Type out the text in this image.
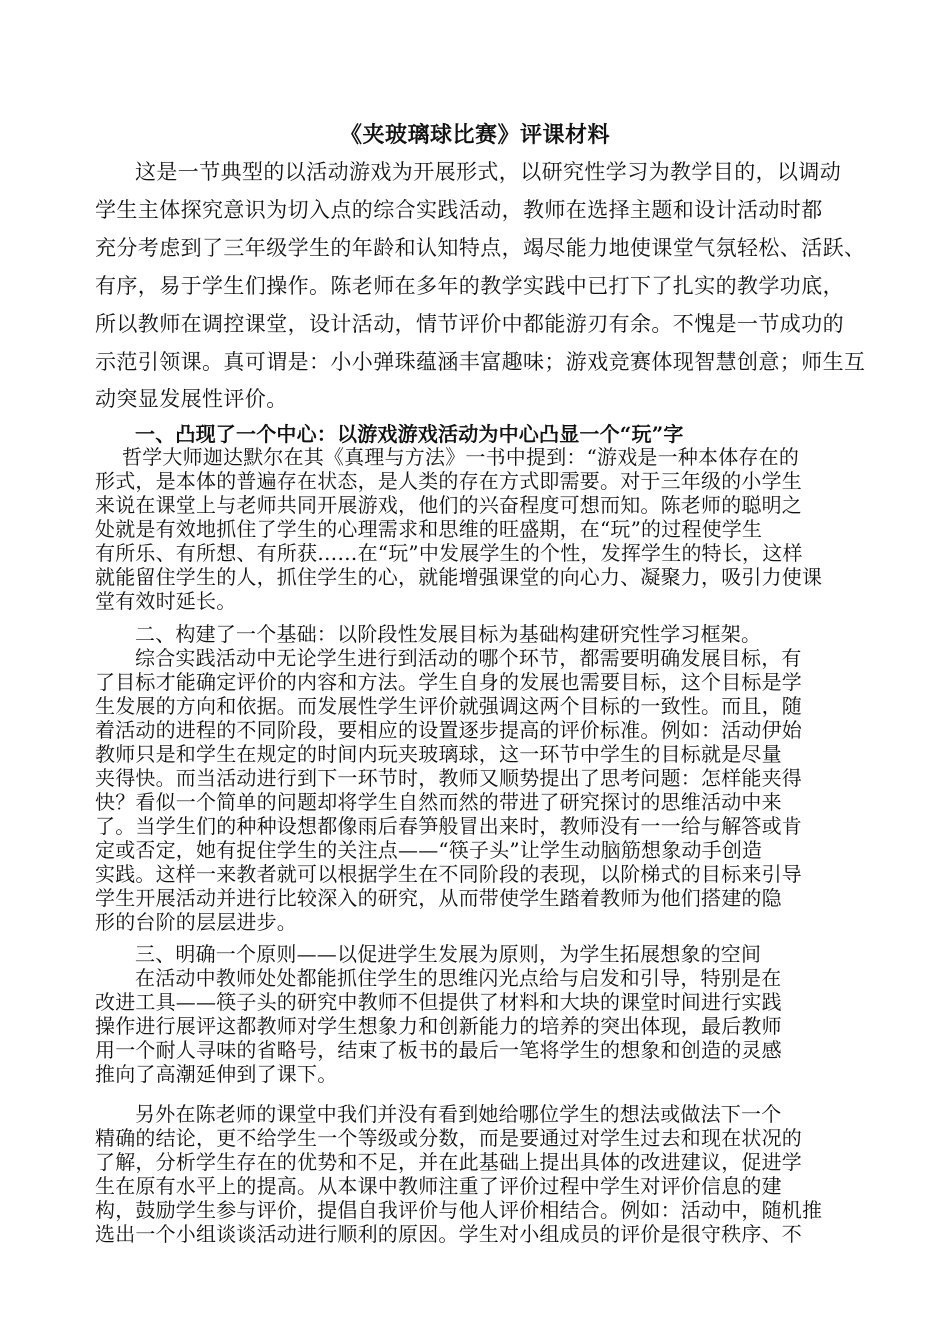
《夹玻璃球比赛》评课材料

这是一节典型的以活动游戏为开展形式，以研究性学习为教学目的，以调动

学生主体探究意识为切入点的综合实践活动，教师在选择主题和设计活动时都

充分考虑到了三年级学生的年龄和认知特点，竭尽能力地使课堂气氛轻松、活跃、

有序，易于学生们操作。陈老师在多年的教学实践中已打下了扎实的教学功底，

所以教师在调控课堂，设计活动，情节评价中都能游刃有余。不愧是一节成功的

示范引领课。真可谓是：小小弹珠蕴涵丰富趣味；游戏竞赛体现智慧创意；师生互

动突显发展性评价。

一、凸现了一个中心：以游戏游戏活动为中心凸显一个“玩”字

哲学大师迦达默尔在其《真理与方法》一书中提到：“游戏是一种本体存在的

形式，是本体的普遍存在状态，是人类的存在方式即需要。对于三年级的小学生

来说在课堂上与老师共同开展游戏，他们的兴奋程度可想而知。陈老师的聪明之

处就是有效地抓住了学生的心理需求和思维的旺盛期，在“玩”的过程使学生

有所乐、有所想、有所获……在“玩”中发展学生的个性，发挥学生的特长，这样

就能留住学生的人，抓住学生的心，就能增强课堂的向心力、凝聚力，吸引力使课

堂有效时延长。

二、构建了一个基础：以阶段性发展目标为基础构建研究性学习框架。

综合实践活动中无论学生进行到活动的哪个环节，都需要明确发展目标，有

了目标才能确定评价的内容和方法。学生自身的发展也需要目标，这个目标是学

生发展的方向和依据。而发展性学生评价就强调这两个目标的一致性。而且，随

着活动的进程的不同阶段，要相应的设置逐步提高的评价标准。例如：活动伊始

教师只是和学生在规定的时间内玩夹玻璃球，这一环节中学生的目标就是尽量

夹得快。而当活动进行到下一环节时，教师又顺势提出了思考问题：怎样能夹得

快？看似一个简单的问题却将学生自然而然的带进了研究探讨的思维活动中来

了。当学生们的种种设想都像雨后春笋般冒出来时，教师没有一一给与解答或肯

定或否定，她有捉住学生的关注点——“筷子头”让学生动脑筋想象动手创造

实践。这样一来教者就可以根据学生在不同阶段的表现，以阶梯式的目标来引导

学生开展活动并进行比较深入的研究，从而带使学生踏着教师为他们搭建的隐

形的台阶的层层进步。

三、明确一个原则——以促进学生发展为原则，为学生拓展想象的空间

在活动中教师处处都能抓住学生的思维闪光点给与启发和引导，特别是在

改进工具——筷子头的研究中教师不但提供了材料和大块的课堂时间进行实践

操作进行展评这都教师对学生想象力和创新能力的培养的突出体现，最后教师

用一个耐人寻味的省略号，结束了板书的最后一笔将学生的想象和创造的灵感

推向了高潮延伸到了课下。

另外在陈老师的课堂中我们并没有看到她给哪位学生的想法或做法下一个

精确的结论，更不给学生一个等级或分数，而是要通过对学生过去和现在状况的

了解，分析学生存在的优势和不足，并在此基础上提出具体的改进建议，促进学

生在原有水平上的提高。从本课中教师注重了评价过程中学生对评价信息的建

构，鼓励学生参与评价，提倡自我评价与他人评价相结合。例如：活动中，随机推

选出一个小组谈谈活动进行顺利的原因。学生对小组成员的评价是很守秩序、不
